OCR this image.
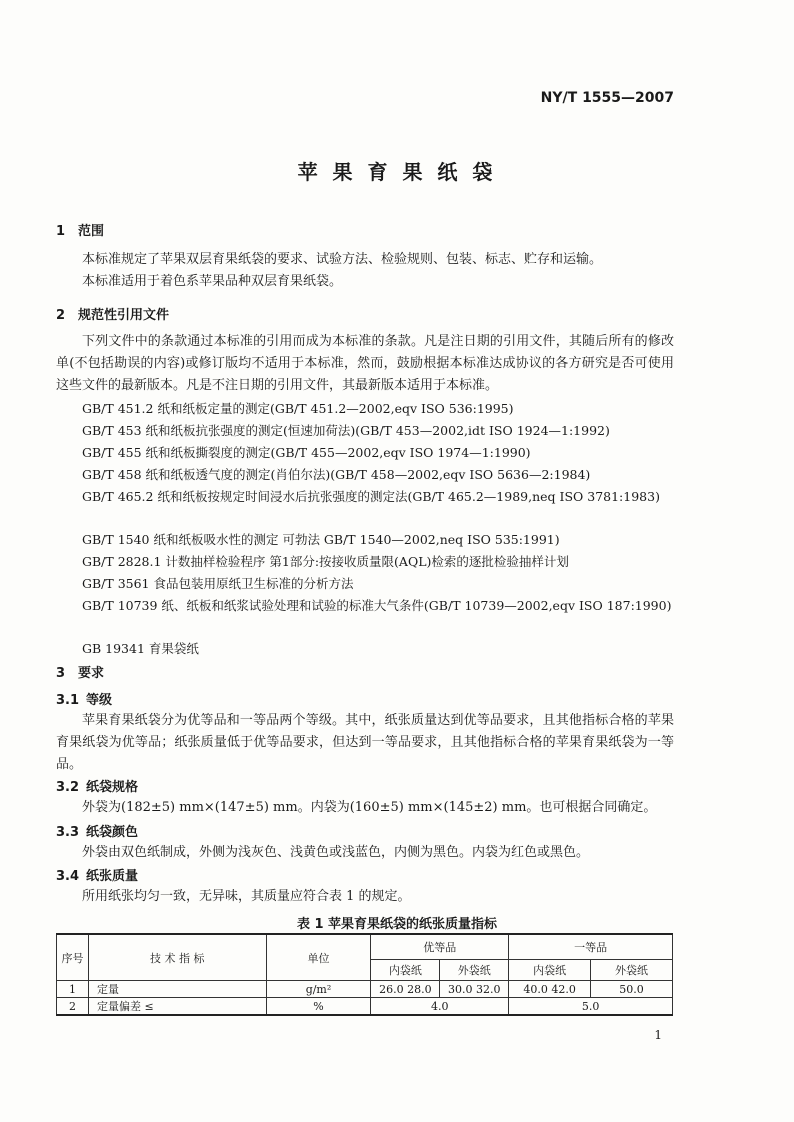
NY/T 1555—2007
苹 果 育 果 纸 袋
1 范围
本标准规定了苹果双层育果纸袋的要求、试验方法、检验规则、包装、标志、贮存和运输。
本标准适用于着色系苹果品种双层育果纸袋。
2 规范性引用文件
下列文件中的条款通过本标准的引用而成为本标准的条款。凡是注日期的引用文件，其随后所有的修改单(不包括勘误的内容)或修订版均不适用于本标准，然而，鼓励根据本标准达成协议的各方研究是否可使用这些文件的最新版本。凡是不注日期的引用文件，其最新版本适用于本标准。
GB/T 451.2 纸和纸板定量的测定(GB/T 451.2—2002,eqv ISO 536:1995)
GB/T 453 纸和纸板抗张强度的测定(恒速加荷法)(GB/T 453—2002,idt ISO 1924—1:1992)
GB/T 455 纸和纸板撕裂度的测定(GB/T 455—2002,eqv ISO 1974—1:1990)
GB/T 458 纸和纸板透气度的测定(肖伯尔法)(GB/T 458—2002,eqv ISO 5636—2:1984)
GB/T 465.2 纸和纸板按规定时间浸水后抗张强度的测定法(GB/T 465.2—1989,neq ISO 3781:1983)
GB/T 1540 纸和纸板吸水性的测定 可勃法 GB/T 1540—2002,neq ISO 535:1991)
GB/T 2828.1 计数抽样检验程序 第1部分:按接收质量限(AQL)检索的逐批检验抽样计划
GB/T 3561 食品包装用原纸卫生标准的分析方法
GB/T 10739 纸、纸板和纸浆试验处理和试验的标准大气条件(GB/T 10739—2002,eqv ISO 187:1990)
GB 19341 育果袋纸
3 要求
3.1 等级
苹果育果纸袋分为优等品和一等品两个等级。其中，纸张质量达到优等品要求，且其他指标合格的苹果育果纸袋为优等品；纸张质量低于优等品要求，但达到一等品要求，且其他指标合格的苹果育果纸袋为一等品。
3.2 纸袋规格
外袋为(182±5) mm×(147±5) mm。内袋为(160±5) mm×(145±2) mm。也可根据合同确定。
3.3 纸袋颜色
外袋由双色纸制成，外侧为浅灰色、浅黄色或浅蓝色，内侧为黑色。内袋为红色或黑色。
3.4 纸张质量
所用纸张均匀一致，无异味，其质量应符合表 1 的规定。
表 1 苹果育果纸袋的纸张质量指标
序号	技 术 指 标	单位	优等品		一等品	
			内袋纸	外袋纸	内袋纸	外袋纸
1	定量	g/m²	26.0 28.0	30.0 32.0	40.0 42.0	50.0
2	定量偏差 ≤	%	4.0		5.0	
1
